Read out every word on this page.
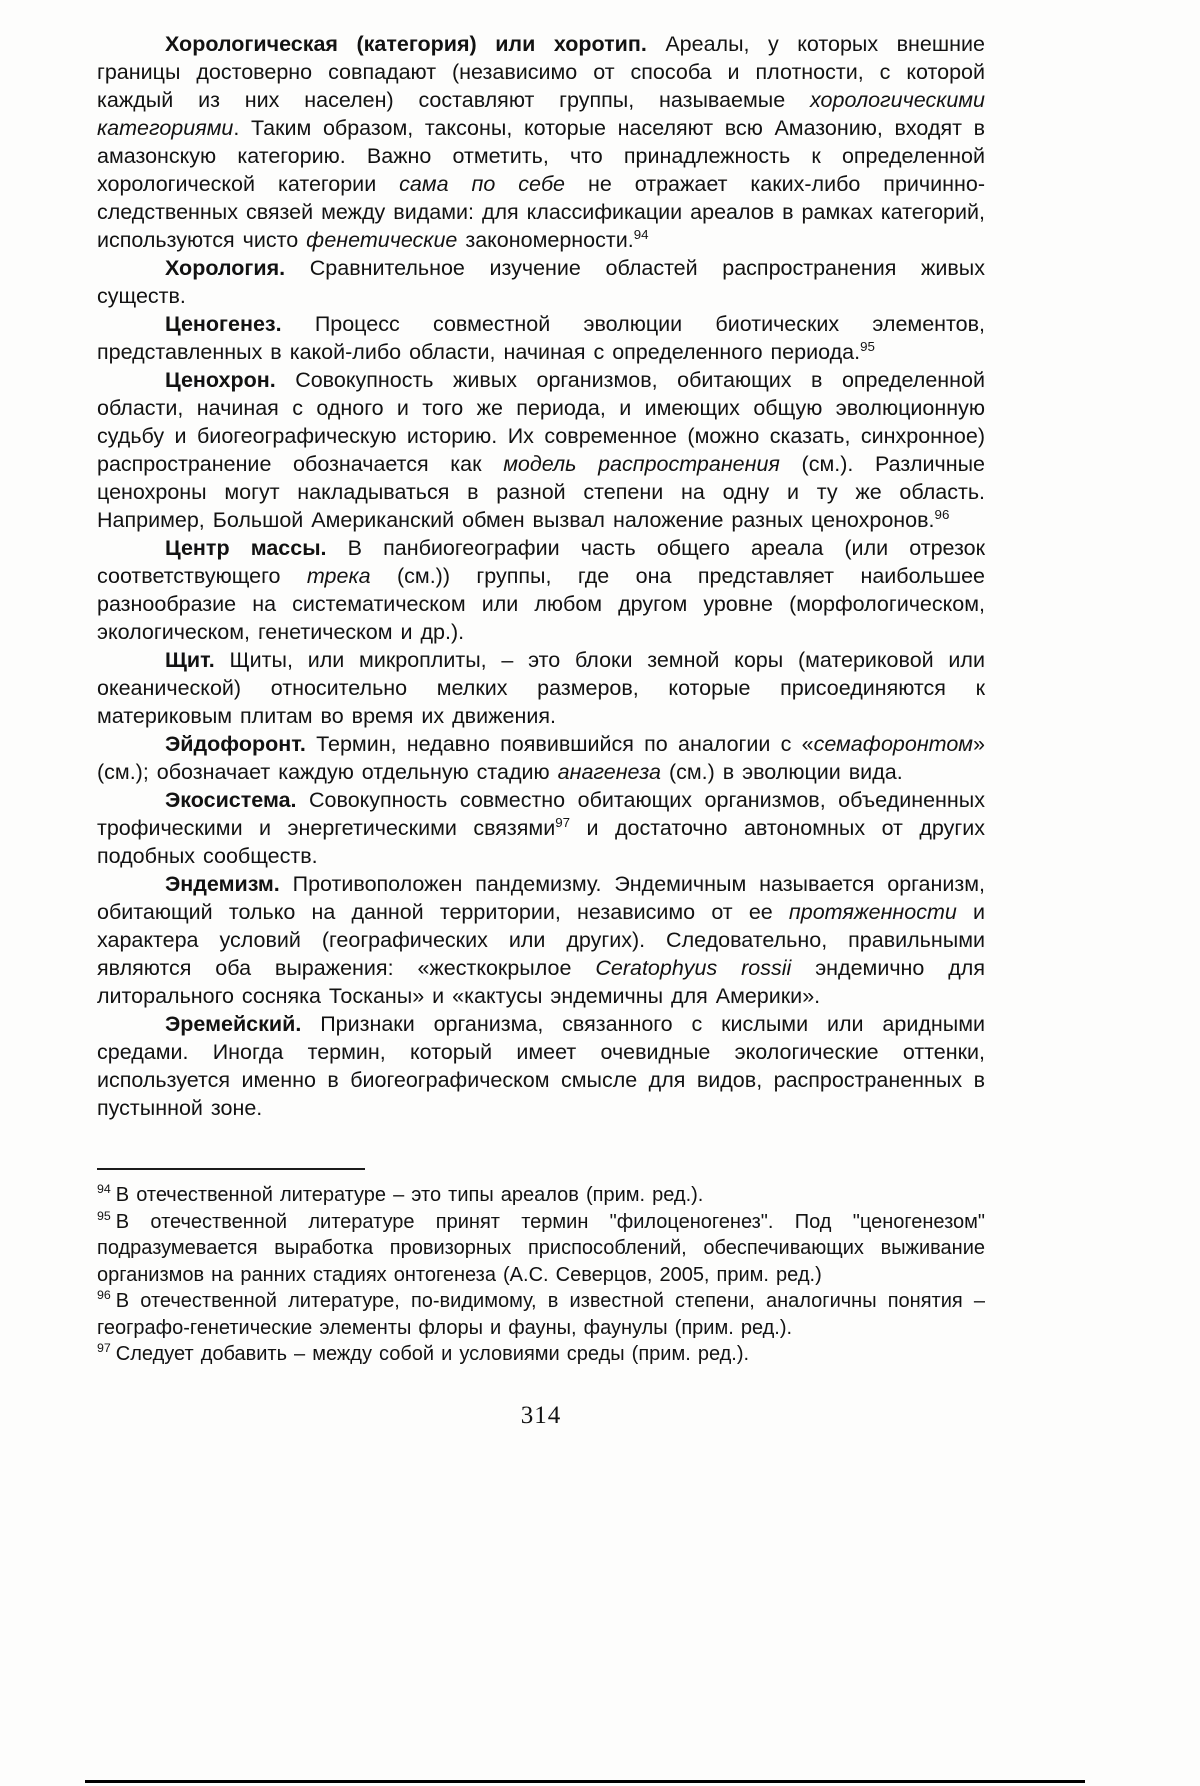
Хорологическая (категория) или хоротип. Ареалы, у которых внешние границы достоверно совпадают (независимо от способа и плотности, с которой каждый из них населен) составляют группы, называемые хорологическими категориями. Таким образом, таксоны, которые населяют всю Амазонию, входят в амазонскую категорию. Важно отметить, что принадлежность к определенной хорологической категории сама по себе не отражает каких-либо причинно- следственных связей между видами: для классификации ареалов в рамках категорий, используются чисто фенетические закономерности.$^{94}$

Хорология. Сравнительное изучение областей распространения живых существ.

Ценогенез. Процесс совместной эволюции биотических элементов, представленных в какой-либо области, начиная с определенного периода.$^{95}$

Ценохрон. Совокупность живых организмов, обитающих в определенной области, начиная с одного и того же периода, и имеющих общую эволюционную судьбу и биогеографическую историю. Их современное (можно сказать, синхронное) распространение обозначается как модель распространения (см.). Различные ценохроны могут накладываться в разной степени на одну и ту же область. Например, Большой Американский обмен вызвал наложение разных ценохронов.$^{96}$

Центр массы. В панбиогеографии часть общего ареала (или отрезок соответствующего трека (см.)) группы, где она представляет наибольшее разнообразие на систематическом или любом другом уровне (морфологическом, экологическом, генетическом и др.).

Щит. Щиты, или микроплиты, – это блоки земной коры (материковой или океанической) относительно мелких размеров, которые присоединяются к материковым плитам во время их движения.

Эйдофоронт. Термин, недавно появившийся по аналогии с «семафоронтом» (см.); обозначает каждую отдельную стадию анагенеза (см.) в эволюции вида.

Экосистема. Совокупность совместно обитающих организмов, объединенных трофическими и энергетическими связями$^{97}$ и достаточно автономных от других подобных сообществ.

Эндемизм. Противоположен пандемизму. Эндемичным называется организм, обитающий только на данной территории, независимо от ее протяженности и характера условий (географических или других). Следовательно, правильными являются оба выражения: «жесткокрылое Ceratophyus rossii эндемично для литорального сосняка Тосканы» и «кактусы эндемичны для Америки».

Эремейский. Признаки организма, связанного с кислыми или аридными средами. Иногда термин, который имеет очевидные экологические оттенки, используется именно в биогеографическом смысле для видов, распространенных в пустынной зоне.

$^{94}$ В отечественной литературе – это типы ареалов (прим. ред.).

$^{95}$ В отечественной литературе принят термин "филоценогенез". Под "ценогенезом" подразумевается выработка провизорных приспособлений, обеспечивающих выживание организмов на ранних стадиях онтогенеза (А.С. Северцов, 2005, прим. ред.)

$^{96}$ В отечественной литературе, по-видимому, в известной степени, аналогичны понятия – географо-генетические элементы флоры и фауны, фаунулы (прим. ред.).

$^{97}$ Следует добавить – между собой и условиями среды (прим. ред.).

314
